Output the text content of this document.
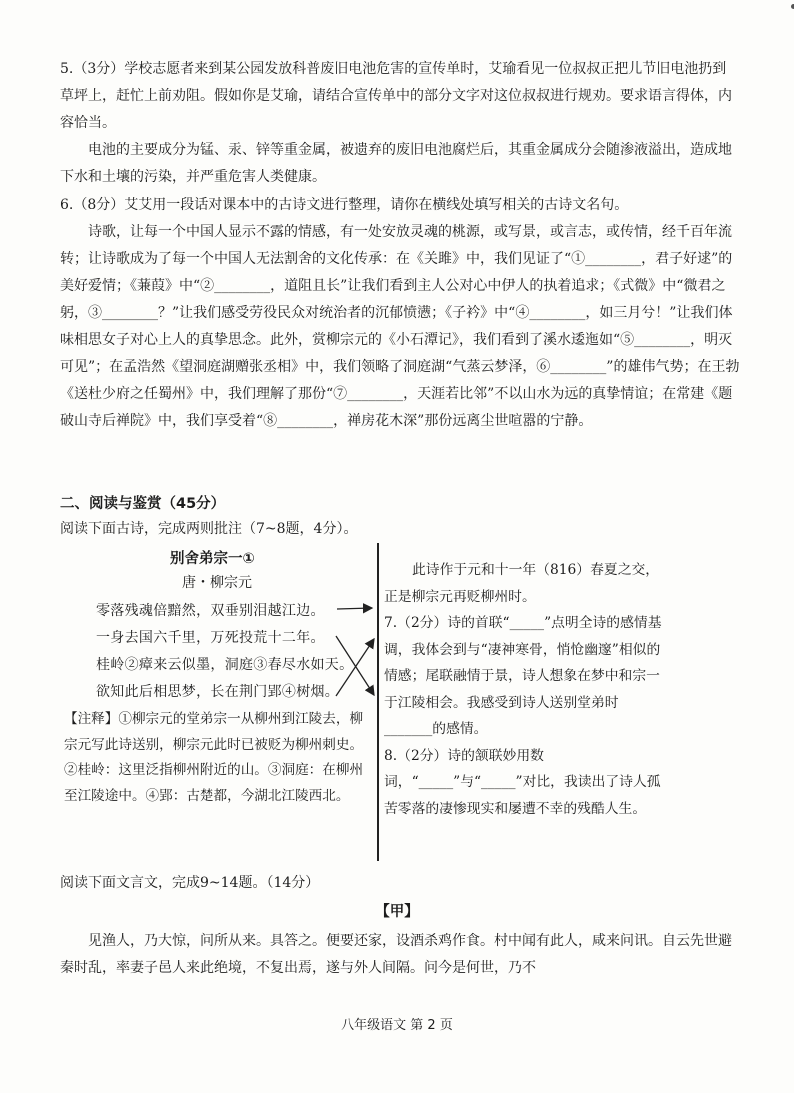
5.（3分）学校志愿者来到某公园发放科普废旧电池危害的宣传单时，艾瑜看见一位叔叔正把儿节旧电池扔到草坪上，赶忙上前劝阻。假如你是艾瑜，请结合宣传单中的部分文字对这位叔叔进行规劝。要求语言得体，内容恰当。

电池的主要成分为锰、汞、锌等重金属，被遗弃的废旧电池腐烂后，其重金属成分会随渗液溢出，造成地下水和土壤的污染，并严重危害人类健康。

6.（8分）艾艾用一段话对课本中的古诗文进行整理，请你在横线处填写相关的古诗文名句。

诗歌，让每一个中国人显示不露的情感，有一处安放灵魂的桃源，或写景，或言志，或传情，经千百年流转；让诗歌成为了每一个中国人无法割舍的文化传承：在《关雎》中，我们见证了“①________，君子好逑”的美好爱情；《蒹葭》中“②________，道阻且长”让我们看到主人公对心中伊人的执着追求；《式微》中“微君之躬，③________？”让我们感受劳役民众对统治者的沉郁愤懑；《子衿》中“④________，如三月兮！”让我们体味相思女子对心上人的真挚思念。此外，赏柳宗元的《小石潭记》，我们看到了溪水逶迤如“⑤________，明灭可见”；在孟浩然《望洞庭湖赠张丞相》中，我们领略了洞庭湖“气蒸云梦泽，⑥________”的雄伟气势；在王勃《送杜少府之任蜀州》中，我们理解了那份“⑦________，天涯若比邻”不以山水为远的真挚情谊；在常建《题破山寺后禅院》中，我们享受着“⑧________，禅房花木深”那份远离尘世喧嚣的宁静。

二、阅读与鉴赏（45分）
阅读下面古诗，完成两则批注（7~8题，4分）。
别舍弟宗一①
唐・柳宗元
零落残魂倍黯然，双垂别泪越江边。
一身去国六千里，万死投荒十二年。
桂岭②瘴来云似墨，洞庭③春尽水如天。
欲知此后相思梦，长在荆门郢④树烟。
【注释】①柳宗元的堂弟宗一从柳州到江陵去，柳宗元写此诗送别，柳宗元此时已被贬为柳州刺史。②桂岭：这里泛指柳州附近的山。③洞庭：在柳州至江陵途中。④郢：古楚都，今湖北江陵西北。

此诗作于元和十一年（816）春夏之交，正是柳宗元再贬柳州时。

7.（2分）诗的首联“_____”点明全诗的感情基调，我体会到与“凄神寒骨，悄怆幽邃”相似的情感；尾联融情于景，诗人想象在梦中和宗一于江陵相会。我感受到诗人送别堂弟时_______的感情。

8.（2分）诗的颔联妙用数词，“_____”与“_____”对比，我读出了诗人孤苦零落的凄惨现实和屡遭不幸的残酷人生。

阅读下面文言文，完成9~14题。（14分）
【甲】

见渔人，乃大惊，问所从来。具答之。便要还家，设酒杀鸡作食。村中闻有此人，咸来问讯。自云先世避秦时乱，率妻子邑人来此绝境，不复出焉，遂与外人间隔。问今是何世，乃不

八年级语文 第 2 页
